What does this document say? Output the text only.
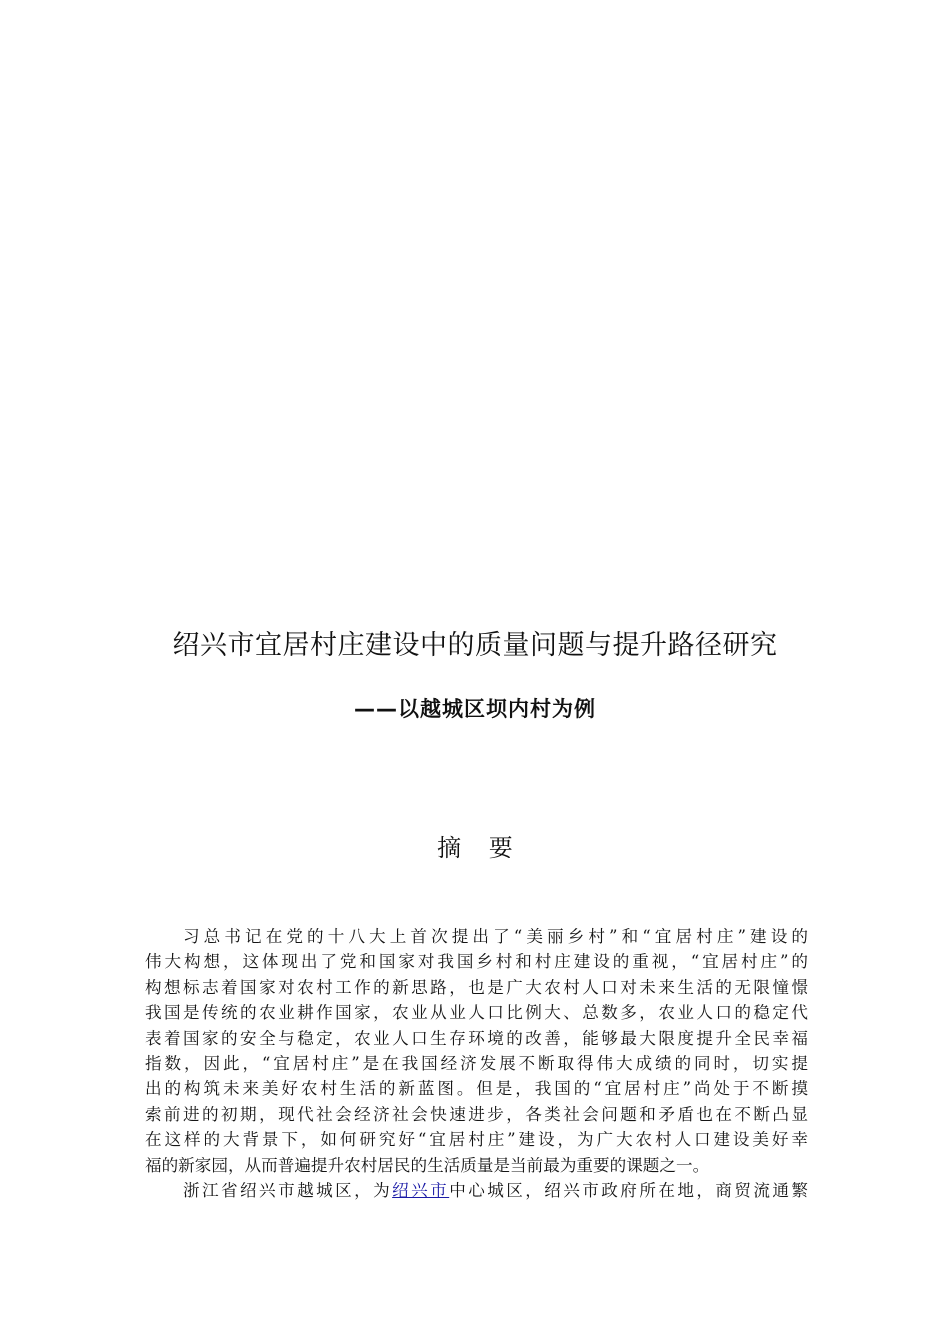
绍兴市宜居村庄建设中的质量问题与提升路径研究
——以越城区坝内村为例
摘 要
习总书记在党的十八大上首次提出了“美丽乡村”和“宜居村庄”建设的
伟大构想，这体现出了党和国家对我国乡村和村庄建设的重视，“宜居村庄”的
构想标志着国家对农村工作的新思路，也是广大农村人口对未来生活的无限憧憬
我国是传统的农业耕作国家，农业从业人口比例大、总数多，农业人口的稳定代
表着国家的安全与稳定，农业人口生存环境的改善，能够最大限度提升全民幸福
指数，因此，“宜居村庄”是在我国经济发展不断取得伟大成绩的同时，切实提
出的构筑未来美好农村生活的新蓝图。但是，我国的“宜居村庄”尚处于不断摸
索前进的初期，现代社会经济社会快速进步，各类社会问题和矛盾也在不断凸显
在这样的大背景下，如何研究好“宜居村庄”建设，为广大农村人口建设美好幸
福的新家园，从而普遍提升农村居民的生活质量是当前最为重要的课题之一。
浙江省绍兴市越城区，为绍兴市中心城区，绍兴市政府所在地，商贸流通繁
